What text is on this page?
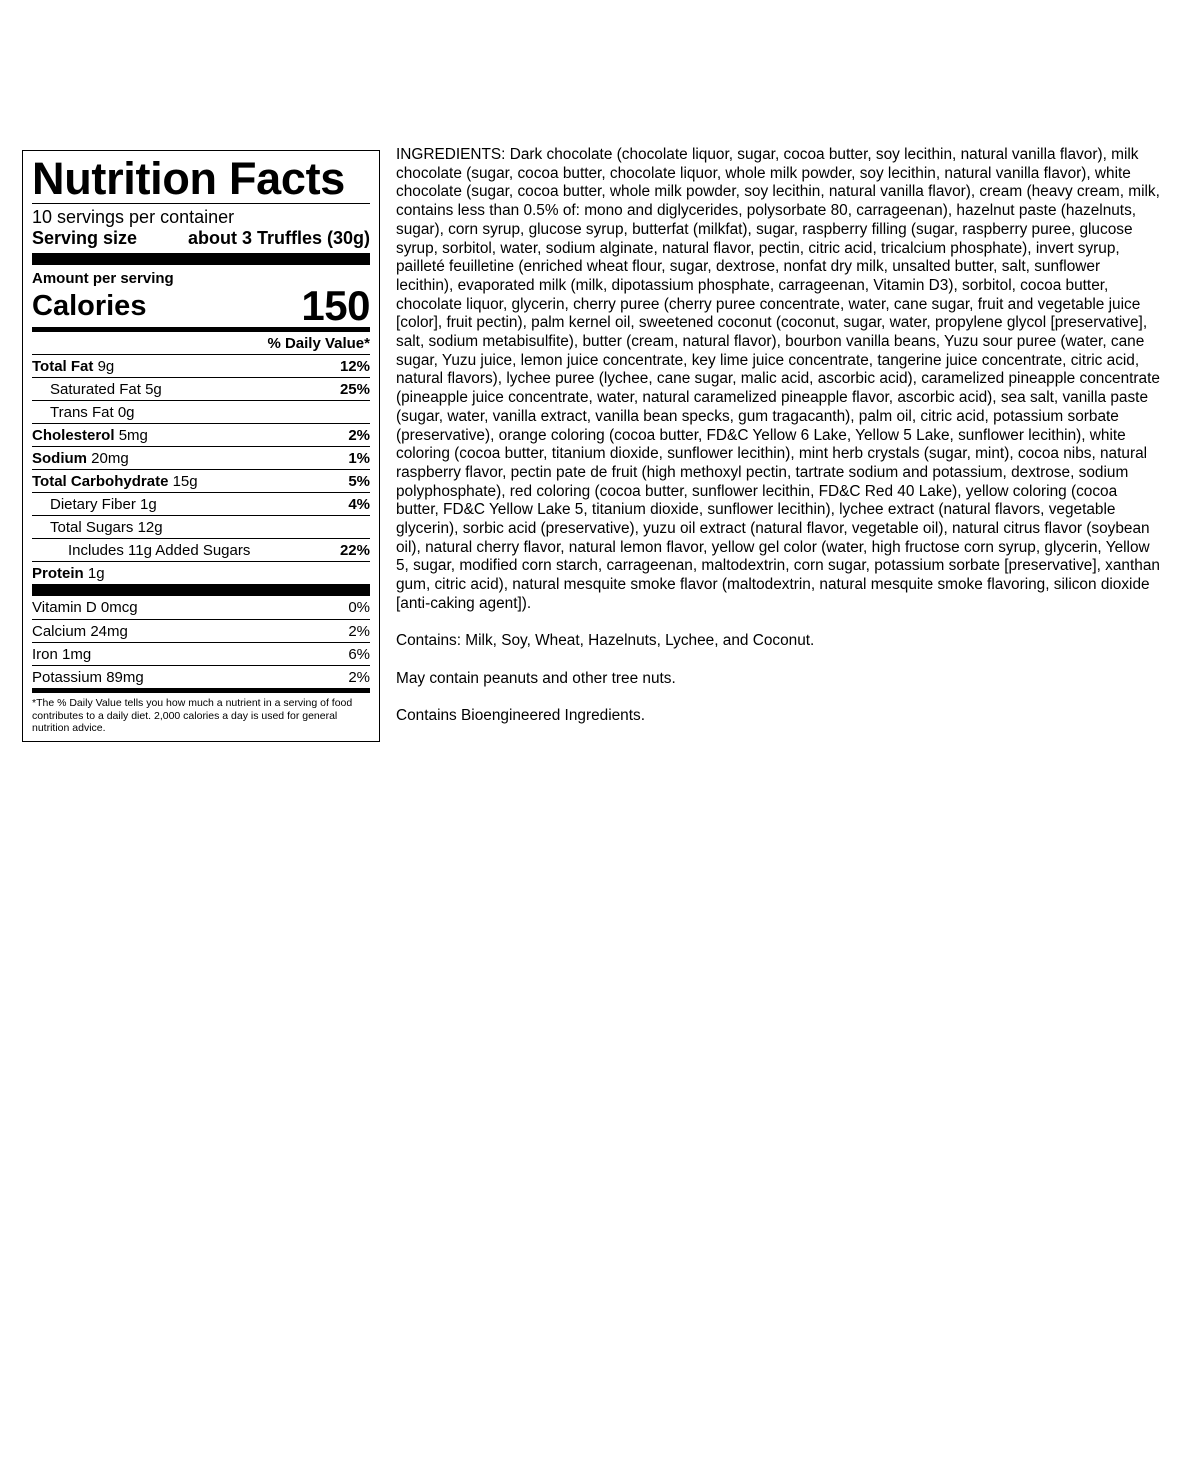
Nutrition Facts
10 servings per container
Serving size	about 3 Truffles (30g)
Amount per serving
Calories	150
% Daily Value*
Total Fat 9g	12%
Saturated Fat 5g	25%
Trans Fat 0g
Cholesterol 5mg	2%
Sodium 20mg	1%
Total Carbohydrate 15g	5%
Dietary Fiber 1g	4%
Total Sugars 12g
Includes 11g Added Sugars	22%
Protein 1g
Vitamin D 0mcg	0%
Calcium 24mg	2%
Iron 1mg	6%
Potassium 89mg	2%
*The % Daily Value tells you how much a nutrient in a serving of food contributes to a daily diet. 2,000 calories a day is used for general nutrition advice.

INGREDIENTS: Dark chocolate (chocolate liquor, sugar, cocoa butter, soy lecithin, natural vanilla flavor), milk chocolate (sugar, cocoa butter, chocolate liquor, whole milk powder, soy lecithin, natural vanilla flavor), white chocolate (sugar, cocoa butter, whole milk powder, soy lecithin, natural vanilla flavor), cream (heavy cream, milk, contains less than 0.5% of: mono and diglycerides, polysorbate 80, carrageenan), hazelnut paste (hazelnuts, sugar), corn syrup, glucose syrup, butterfat (milkfat), sugar, raspberry filling (sugar, raspberry puree, glucose syrup, sorbitol, water, sodium alginate, natural flavor, pectin, citric acid, tricalcium phosphate), invert syrup, pailleté feuilletine (enriched wheat flour, sugar, dextrose, nonfat dry milk, unsalted butter, salt, sunflower lecithin), evaporated milk (milk, dipotassium phosphate, carrageenan, Vitamin D3), sorbitol, cocoa butter, chocolate liquor, glycerin, cherry puree (cherry puree concentrate, water, cane sugar, fruit and vegetable juice [color], fruit pectin), palm kernel oil, sweetened coconut (coconut, sugar, water, propylene glycol [preservative], salt, sodium metabisulfite), butter (cream, natural flavor), bourbon vanilla beans, Yuzu sour puree (water, cane sugar, Yuzu juice, lemon juice concentrate, key lime juice concentrate, tangerine juice concentrate, citric acid, natural flavors), lychee puree (lychee, cane sugar, malic acid, ascorbic acid), caramelized pineapple concentrate (pineapple juice concentrate, water, natural caramelized pineapple flavor, ascorbic acid), sea salt, vanilla paste (sugar, water, vanilla extract, vanilla bean specks, gum tragacanth), palm oil, citric acid, potassium sorbate (preservative), orange coloring (cocoa butter, FD&C Yellow 6 Lake, Yellow 5 Lake, sunflower lecithin), white coloring (cocoa butter, titanium dioxide, sunflower lecithin), mint herb crystals (sugar, mint), cocoa nibs, natural raspberry flavor, pectin pate de fruit (high methoxyl pectin, tartrate sodium and potassium, dextrose, sodium polyphosphate), red coloring (cocoa butter, sunflower lecithin, FD&C Red 40 Lake), yellow coloring (cocoa butter, FD&C Yellow Lake 5, titanium dioxide, sunflower lecithin), lychee extract (natural flavors, vegetable glycerin), sorbic acid (preservative), yuzu oil extract (natural flavor, vegetable oil), natural citrus flavor (soybean oil), natural cherry flavor, natural lemon flavor, yellow gel color (water, high fructose corn syrup, glycerin, Yellow 5, sugar, modified corn starch, carrageenan, maltodextrin, corn sugar, potassium sorbate [preservative], xanthan gum, citric acid), natural mesquite smoke flavor (maltodextrin, natural mesquite smoke flavoring, silicon dioxide [anti-caking agent]).

Contains: Milk, Soy, Wheat, Hazelnuts, Lychee, and Coconut.

May contain peanuts and other tree nuts.

Contains Bioengineered Ingredients.
